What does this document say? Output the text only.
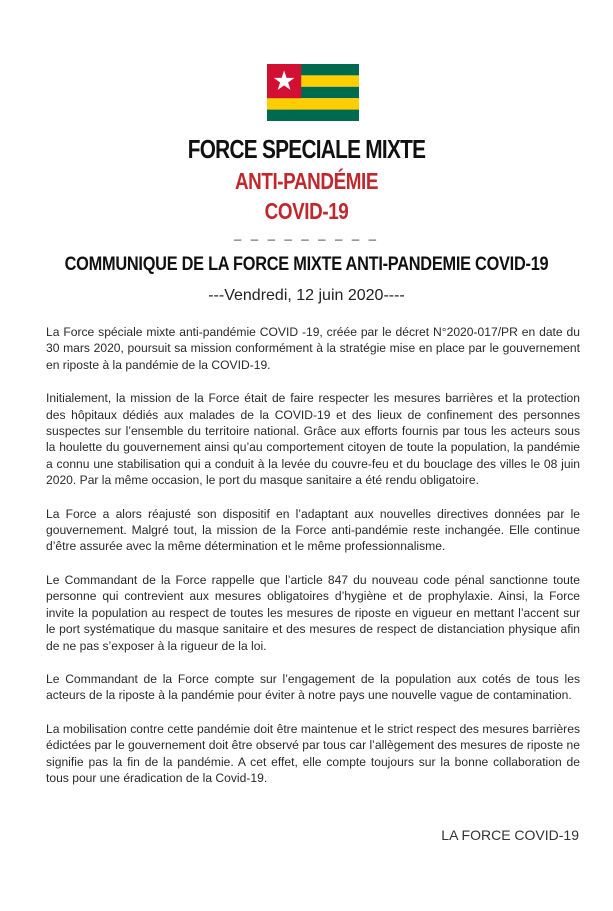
FORCE SPECIALE MIXTE
ANTI-PANDÉMIE
COVID-19
_ _ _ _ _ _ _ _ _
COMMUNIQUE DE LA FORCE MIXTE ANTI-PANDEMIE COVID-19
---Vendredi, 12 juin 2020----

La Force spéciale mixte anti-pandémie COVID -19, créée par le décret N°2020-017/PR en date du 30 mars 2020, poursuit sa mission conformément à la stratégie mise en place par le gouvernement en riposte à la pandémie de la COVID-19.

Initialement, la mission de la Force était de faire respecter les mesures barrières et la protection des hôpitaux dédiés aux malades de la COVID-19 et des lieux de confinement des personnes suspectes sur l’ensemble du territoire national. Grâce aux efforts fournis par tous les acteurs sous la houlette du gouvernement ainsi qu’au comportement citoyen de toute la population, la pandémie a connu une stabilisation qui a conduit à la levée du couvre-feu et du bouclage des villes le 08 juin 2020. Par la même occasion, le port du masque sanitaire a été rendu obligatoire.

La Force a alors réajusté son dispositif en l’adaptant aux nouvelles directives données par le gouvernement. Malgré tout, la mission de la Force anti-pandémie reste inchangée. Elle continue d’être assurée avec la même détermination et le même professionnalisme.

Le Commandant de la Force rappelle que l’article 847 du nouveau code pénal sanctionne toute personne qui contrevient aux mesures obligatoires d’hygiène et de prophylaxie. Ainsi, la Force invite la population au respect de toutes les mesures de riposte en vigueur en mettant l’accent sur le port systématique du masque sanitaire et des mesures de respect de distanciation physique afin de ne pas s’exposer à la rigueur de la loi.

Le Commandant de la Force compte sur l’engagement de la population aux cotés de tous les acteurs de la riposte à la pandémie pour éviter à notre pays une nouvelle vague de contamination.

La mobilisation contre cette pandémie doit être maintenue et le strict respect des mesures barrières édictées par le gouvernement doit être observé par tous car l’allègement des mesures de riposte ne signifie pas la fin de la pandémie. A cet effet, elle compte toujours sur la bonne collaboration de tous pour une éradication de la Covid-19.

LA FORCE COVID-19
